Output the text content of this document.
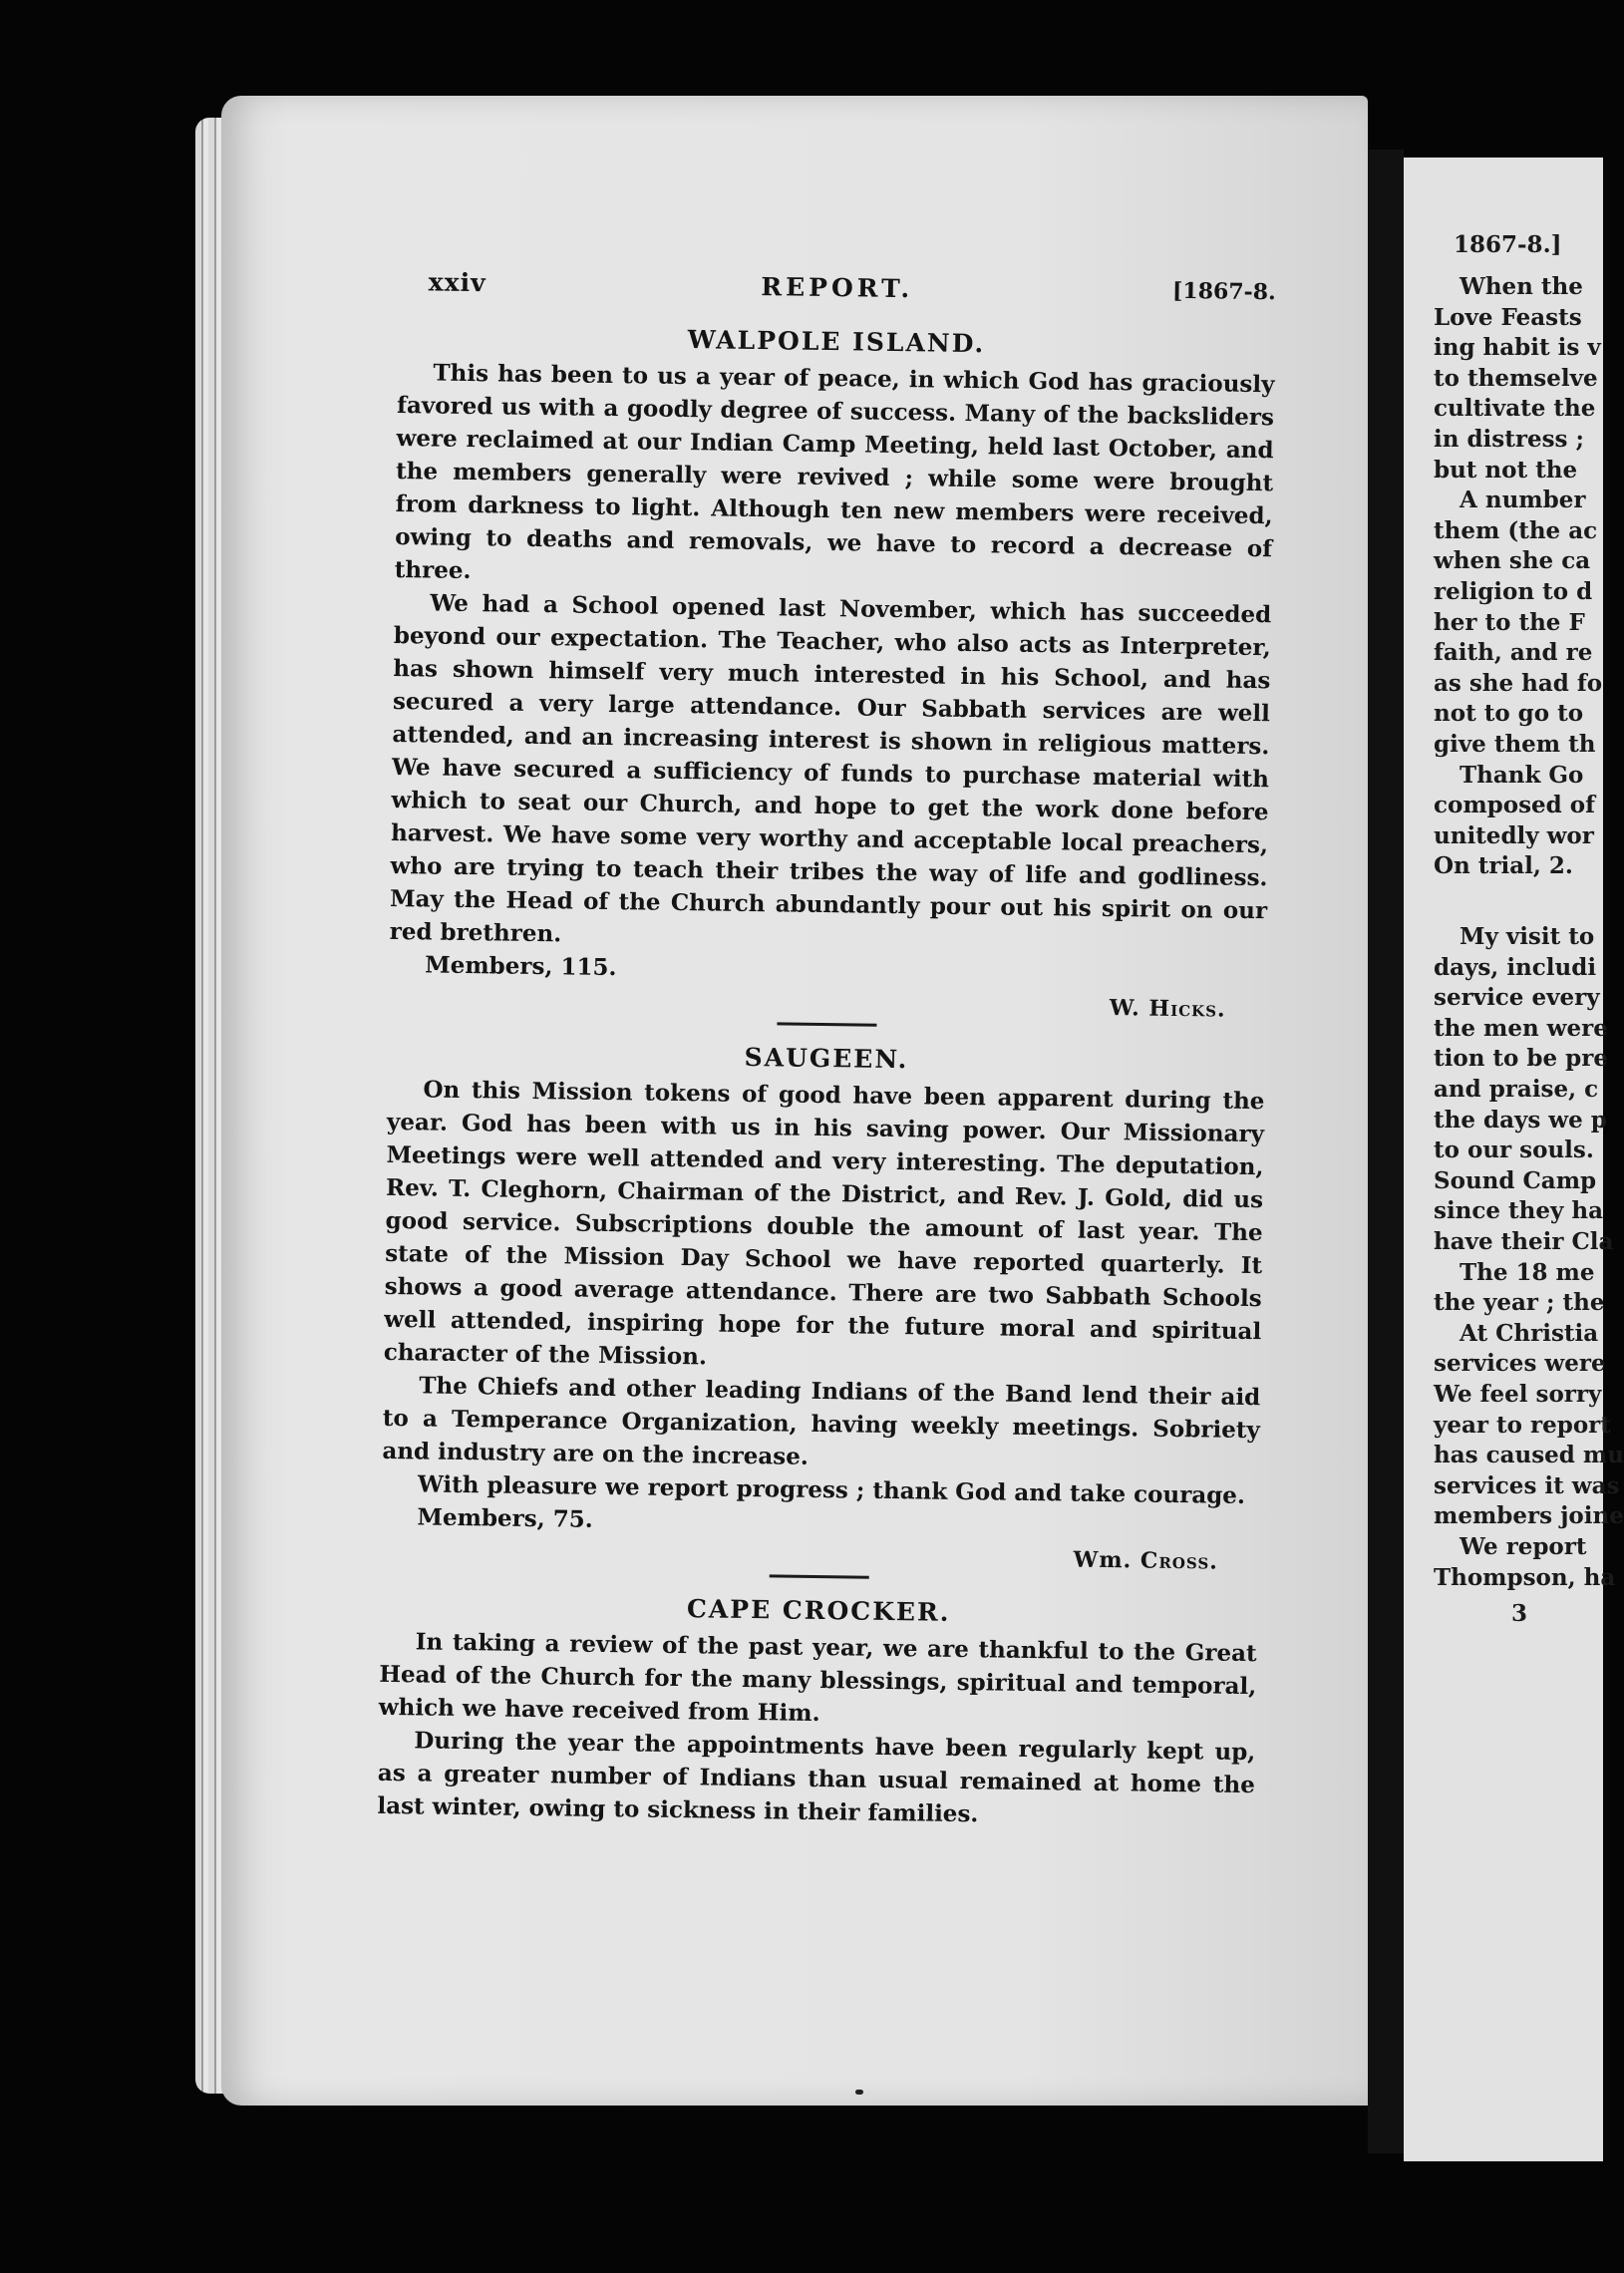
1867-8.]
When the
Love Feasts
ing habit is v
to themselve
cultivate the
in distress ;
but not the
A number
them (the ac
when she ca
religion to d
her to the F
faith, and re
as she had fo
not to go to
give them th
Thank Go
composed of
unitedly wor
On trial, 2.
My visit to
days, includi
service every
the men were
tion to be pre
and praise, c
the days we p
to our souls.
Sound Camp
since they ha
have their Cla
The 18 me
the year ; the
At Christia
services were
We feel sorry
year to report
has caused mu
services it was
members joine
We report
Thompson, ha
3
xxiv	REPORT.	[1867-8.
WALPOLE ISLAND.

This has been to us a year of peace, in which God has graciously favored us with a goodly degree of success. Many of the backsliders were reclaimed at our Indian Camp Meeting, held last October, and the members generally were revived ; while some were brought from darkness to light. Although ten new members were received, owing to deaths and removals, we have to record a decrease of three.

We had a School opened last November, which has succeeded beyond our expectation. The Teacher, who also acts as Interpreter, has shown himself very much interested in his School, and has secured a very large attendance. Our Sabbath services are well attended, and an increasing interest is shown in religious matters. We have secured a sufficiency of funds to purchase material with which to seat our Church, and hope to get the work done before harvest. We have some very worthy and acceptable local preachers, who are trying to teach their tribes the way of life and godliness. May the Head of the Church abundantly pour out his spirit on our red brethren.

Members, 115.

W. Hicks.
SAUGEEN.

On this Mission tokens of good have been apparent during the year. God has been with us in his saving power. Our Missionary Meetings were well attended and very interesting. The deputation, Rev. T. Cleghorn, Chairman of the District, and Rev. J. Gold, did us good service. Subscriptions double the amount of last year. The state of the Mission Day School we have reported quarterly. It shows a good average attendance. There are two Sabbath Schools well attended, inspiring hope for the future moral and spiritual character of the Mission.

The Chiefs and other leading Indians of the Band lend their aid to a Temperance Organization, having weekly meetings. Sobriety and industry are on the increase.

With pleasure we report progress ; thank God and take courage.

Members, 75.

Wm. Cross.
CAPE CROCKER.

In taking a review of the past year, we are thankful to the Great Head of the Church for the many blessings, spiritual and temporal, which we have received from Him.

During the year the appointments have been regularly kept up, as a greater number of Indians than usual remained at home the last winter, owing to sickness in their families.
